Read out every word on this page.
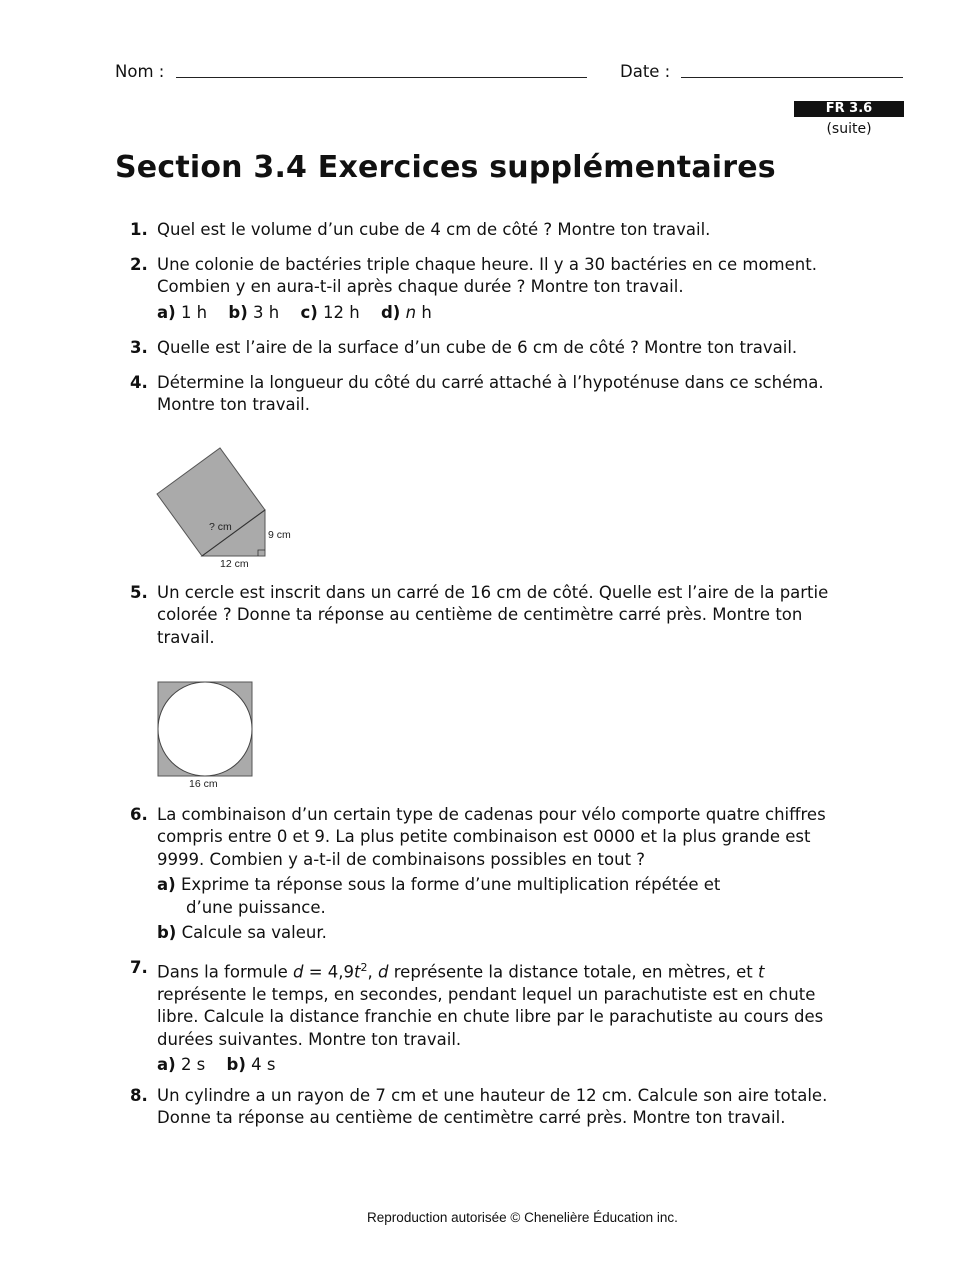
Nom :	Date :
FR 3.6
(suite)
Section 3.4 Exercices supplémentaires
1. Quel est le volume d’un cube de 4 cm de côté ? Montre ton travail.
2. Une colonie de bactéries triple chaque heure. Il y a 30 bactéries en ce moment.
Combien y en aura-t-il après chaque durée ? Montre ton travail.
a) 1 h b) 3 h c) 12 h d) n h
3. Quelle est l’aire de la surface d’un cube de 6 cm de côté ? Montre ton travail.
4. Détermine la longueur du côté du carré attaché à l’hypoténuse dans ce schéma.
Montre ton travail.
? cm
9 cm
12 cm
5. Un cercle est inscrit dans un carré de 16 cm de côté. Quelle est l’aire de la partie
colorée ? Donne ta réponse au centième de centimètre carré près. Montre ton
travail.
16 cm
6. La combinaison d’un certain type de cadenas pour vélo comporte quatre chiffres
compris entre 0 et 9. La plus petite combinaison est 0000 et la plus grande est
9999. Combien y a-t-il de combinaisons possibles en tout ?
a) Exprime ta réponse sous la forme d’une multiplication répétée et
d’une puissance.
b) Calcule sa valeur.
7. Dans la formule $d = 4,9t^2$, d représente la distance totale, en mètres, et t
représente le temps, en secondes, pendant lequel un parachutiste est en chute
libre. Calcule la distance franchie en chute libre par le parachutiste au cours des
durées suivantes. Montre ton travail.
a) 2 s b) 4 s
8. Un cylindre a un rayon de 7 cm et une hauteur de 12 cm. Calcule son aire totale.
Donne ta réponse au centième de centimètre carré près. Montre ton travail.
Reproduction autorisée © Chenelière Éducation inc.
